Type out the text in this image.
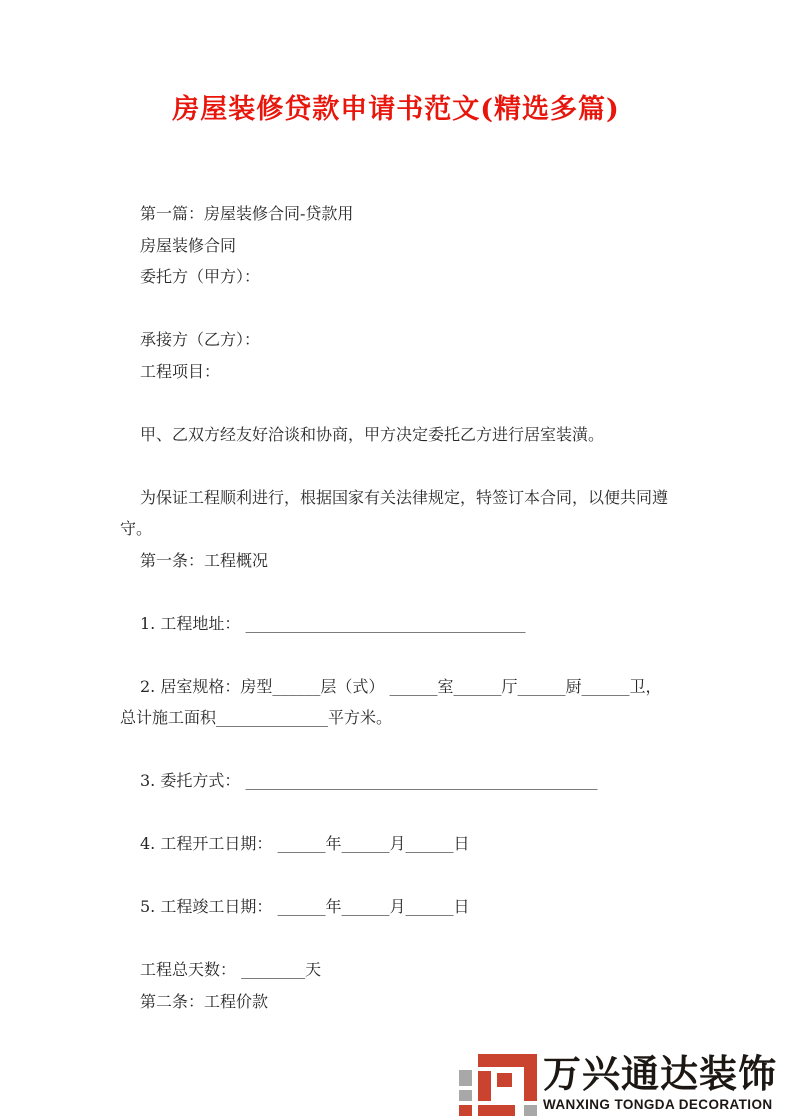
房屋装修贷款申请书范文(精选多篇)

第一篇：房屋装修合同-贷款用

房屋装修合同

委托方（甲方）：

承接方（乙方）：

工程项目：

甲、乙双方经友好洽谈和协商，甲方决定委托乙方进行居室装潢。

为保证工程顺利进行，根据国家有关法律规定，特签订本合同，以便共同遵守。

第一条：工程概况

1. 工程地址： ___________________________________

2. 居室规格：房型______层（式） ______室______厅______厨______卫，总计施工面积______________平方米。

3. 委托方式： ____________________________________________

4. 工程开工日期： ______年______月______日

5. 工程竣工日期： ______年______月______日

工程总天数： ________天

第二条：工程价款

万兴通达装饰
WANXING TONGDA DECORATION
